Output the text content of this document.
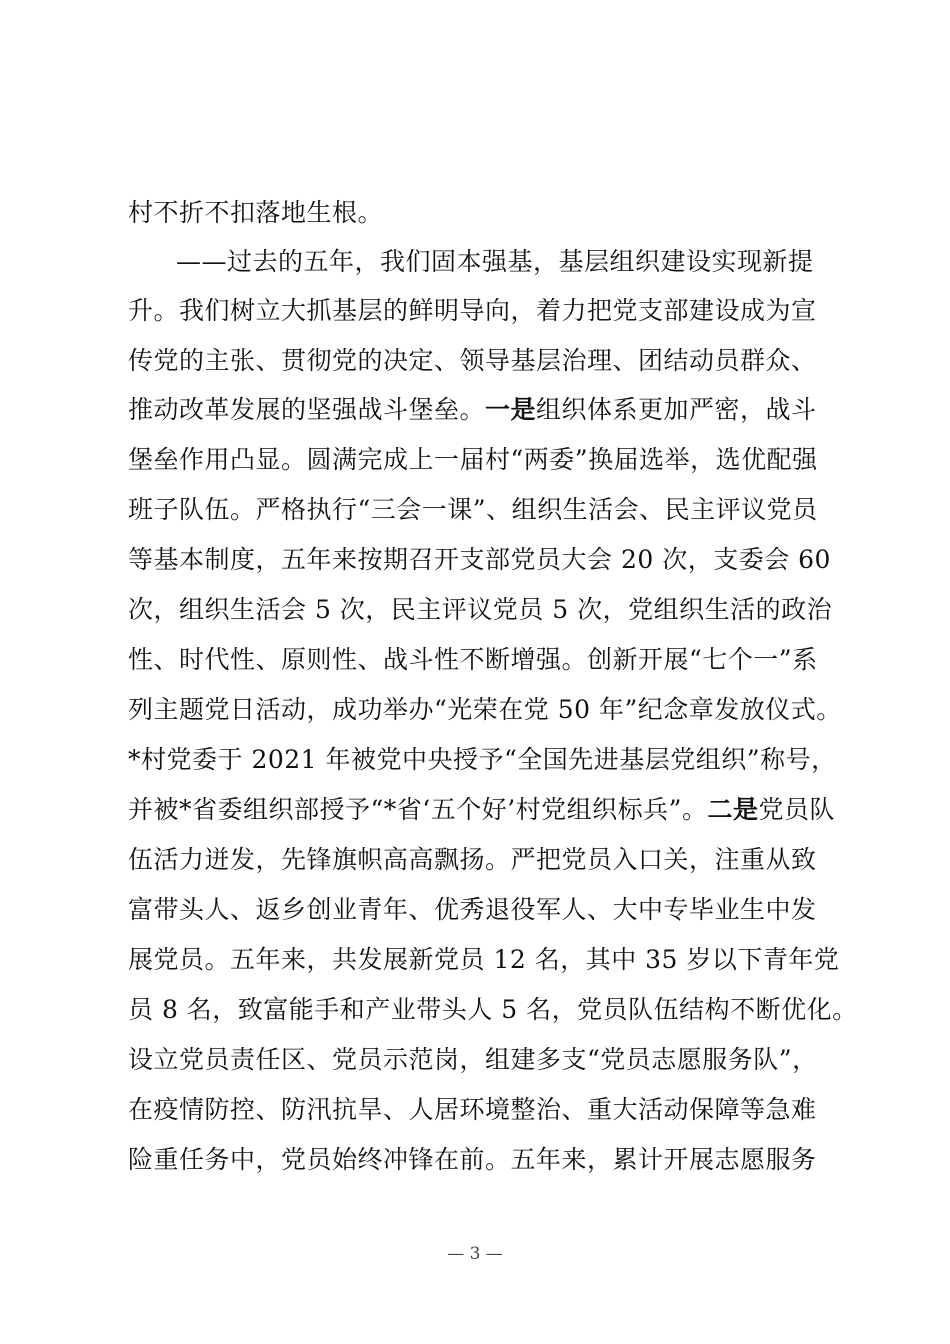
村不折不扣落地生根。
——过去的五年，我们固本强基，基层组织建设实现新提
升。我们树立大抓基层的鲜明导向，着力把党支部建设成为宣
传党的主张、贯彻党的决定、领导基层治理、团结动员群众、
推动改革发展的坚强战斗堡垒。一是组织体系更加严密，战斗
堡垒作用凸显。圆满完成上一届村“两委”换届选举，选优配强
班子队伍。严格执行“三会一课”、组织生活会、民主评议党员
等基本制度，五年来按期召开支部党员大会 20 次，支委会 60
次，组织生活会 5 次，民主评议党员 5 次，党组织生活的政治
性、时代性、原则性、战斗性不断增强。创新开展“七个一”系
列主题党日活动，成功举办“光荣在党 50 年”纪念章发放仪式。
*村党委于 2021 年被党中央授予“全国先进基层党组织”称号，
并被*省委组织部授予“*省‘五个好’村党组织标兵”。二是党员队
伍活力迸发，先锋旗帜高高飘扬。严把党员入口关，注重从致
富带头人、返乡创业青年、优秀退役军人、大中专毕业生中发
展党员。五年来，共发展新党员 12 名，其中 35 岁以下青年党
员 8 名，致富能手和产业带头人 5 名，党员队伍结构不断优化。
设立党员责任区、党员示范岗，组建多支“党员志愿服务队”，
在疫情防控、防汛抗旱、人居环境整治、重大活动保障等急难
险重任务中，党员始终冲锋在前。五年来，累计开展志愿服务
— 3 —
